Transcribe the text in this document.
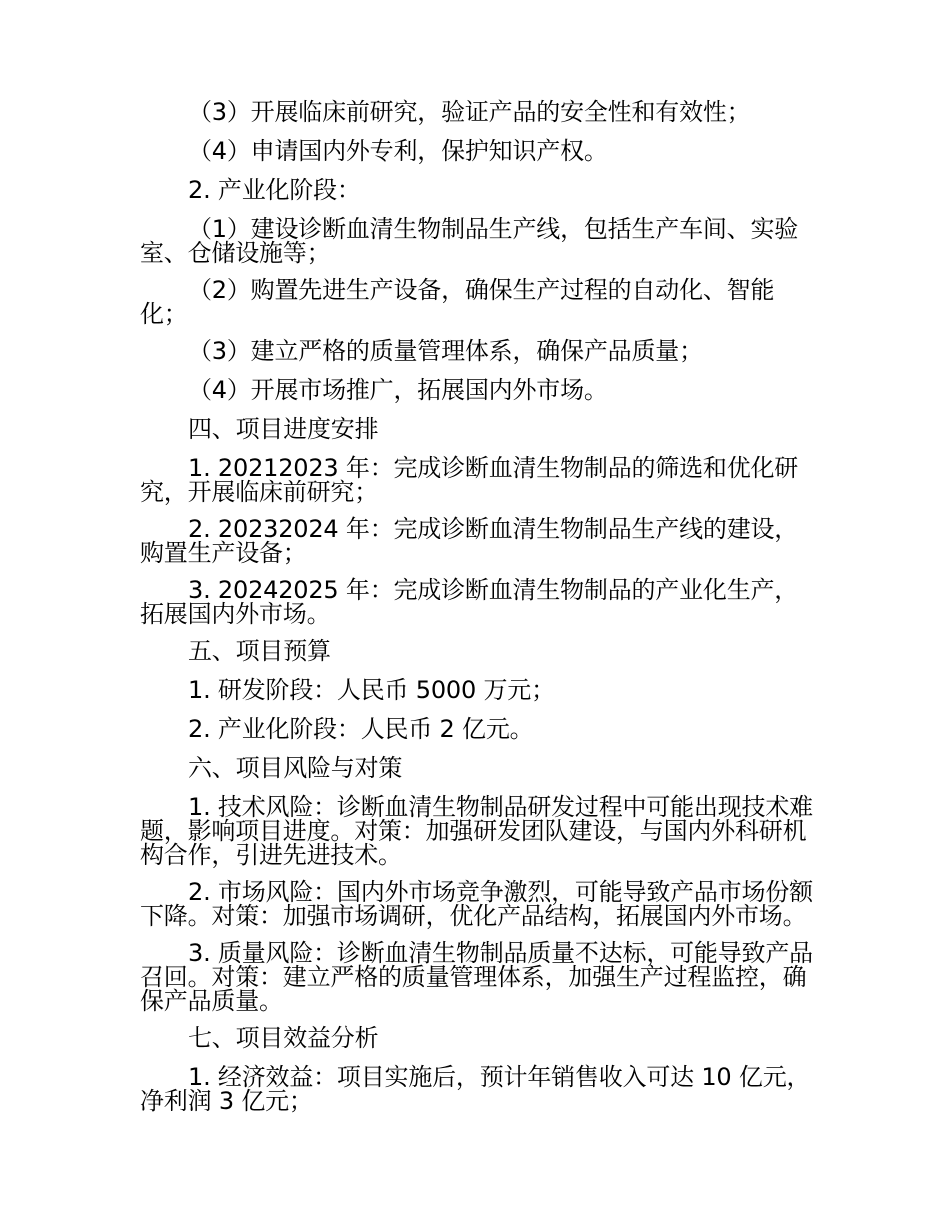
（3）开展临床前研究，验证产品的安全性和有效性；

（4）申请国内外专利，保护知识产权。

2. 产业化阶段：

（1）建设诊断血清生物制品生产线，包括生产车间、实验室、仓储设施等；

（2）购置先进生产设备，确保生产过程的自动化、智能化；

（3）建立严格的质量管理体系，确保产品质量；

（4）开展市场推广，拓展国内外市场。

四、项目进度安排

1. 20212023 年：完成诊断血清生物制品的筛选和优化研究，开展临床前研究；

2. 20232024 年：完成诊断血清生物制品生产线的建设，购置生产设备；

3. 20242025 年：完成诊断血清生物制品的产业化生产，拓展国内外市场。

五、项目预算

1. 研发阶段：人民币 5000 万元；

2. 产业化阶段：人民币 2 亿元。

六、项目风险与对策

1. 技术风险：诊断血清生物制品研发过程中可能出现技术难题，影响项目进度。对策：加强研发团队建设，与国内外科研机构合作，引进先进技术。

2. 市场风险：国内外市场竞争激烈，可能导致产品市场份额下降。对策：加强市场调研，优化产品结构，拓展国内外市场。

3. 质量风险：诊断血清生物制品质量不达标，可能导致产品召回。对策：建立严格的质量管理体系，加强生产过程监控，确保产品质量。

七、项目效益分析

1. 经济效益：项目实施后，预计年销售收入可达 10 亿元，净利润 3 亿元；
